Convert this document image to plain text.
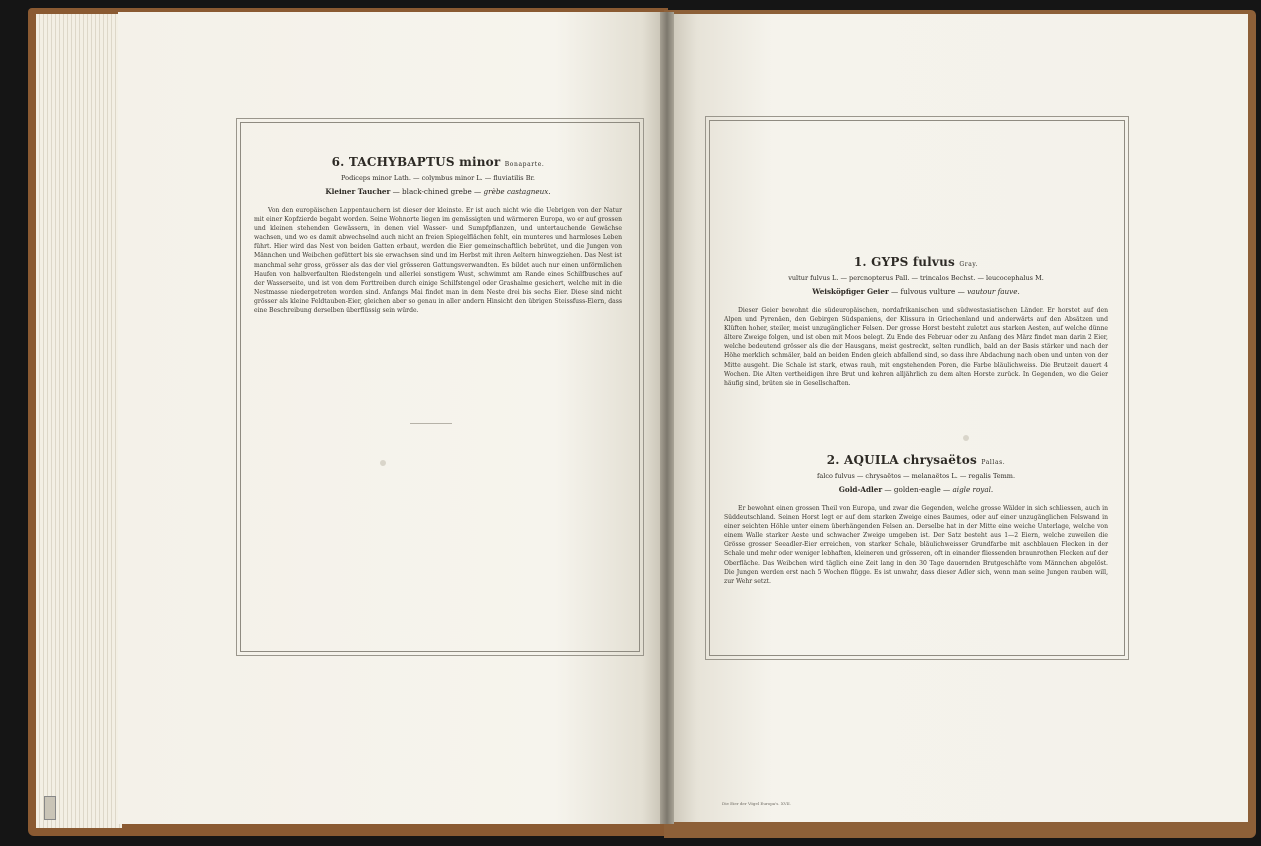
6. TACHYBAPTUS minor Bonaparte.
Podiceps minor Lath. — colymbus minor L. — fluviatilis Br.
Kleiner Taucher — black-chined grebe — grèbe castagneux.
Von den europäischen Lappentauchern ist dieser der kleinste. Er ist auch nicht wie die Uebrigen von der Natur mit einer Kopfzierde begabt worden. Seine Wohnorte liegen im gemässigten und wärmeren Europa, wo er auf grossen und kleinen stehenden Gewässern, in denen viel Wasser- und Sumpfpflanzen, und untertauchende Gewächse wachsen, und wo es damit abwechselnd auch nicht an freien Spiegelflächen fehlt, ein munteres und harmloses Leben führt. Hier wird das Nest von beiden Gatten erbaut, werden die Eier gemeinschaftlich bebrütet, und die Jungen von Männchen und Weibchen gefüttert bis sie erwachsen sind und im Herbst mit ihren Aeltern hinwegziehen. Das Nest ist manchmal sehr gross, grösser als das der viel grösseren Gattungsverwandten. Es bildet auch nur einen unförmlichen Haufen von halbverfaulten Riedstengeln und allerlei sonstigem Wust, schwimmt am Rande eines Schilfbusches auf der Wasserseite, und ist von dem Forttreiben durch einige Schilfstengel oder Grashalme gesichert, welche mit in die Nestmasse niedergetreten worden sind. Anfangs Mai findet man in dem Neste drei bis sechs Eier. Diese sind nicht grösser als kleine Feldtauben-Eier, gleichen aber so genau in aller andern Hinsicht den übrigen Steissfuss-Eiern, dass eine Beschreibung derselben überflüssig sein würde.
1. GYPS fulvus Gray.
vultur fulvus L. — percnopterus Pall. — trincalos Bechst. — leucocephalus M.
Weisköpfiger Geier — fulvous vulture — vautour fauve.
Dieser Geier bewohnt die südeuropäischen, nordafrikanischen und südwestasiatischen Länder. Er horstet auf den Alpen und Pyrenäen, den Gebirgen Südspaniens, der Klissura in Griechenland und anderwärts auf den Absätzen und Klüften hoher, steiler, meist unzugänglicher Felsen. Der grosse Horst besteht zuletzt aus starken Aesten, auf welche dünne ältere Zweige folgen, und ist oben mit Moos belegt. Zu Ende des Februar oder zu Anfang des März findet man darin 2 Eier, welche bedeutend grösser als die der Hausgans, meist gestreckt, selten rundlich, bald an der Basis stärker und nach der Höhe merklich schmäler, bald an beiden Enden gleich abfallend sind, so dass ihre Abdachung nach oben und unten von der Mitte ausgeht. Die Schale ist stark, etwas rauh, mit engstehenden Poren, die Farbe bläulichweiss. Die Brutzeit dauert 4 Wochen. Die Alten vertheidigen ihre Brut und kehren alljährlich zu dem alten Horste zurück. In Gegenden, wo die Geier häufig sind, brüten sie in Gesellschaften.
2. AQUILA chrysaëtos Pallas.
falco fulvus — chrysaëtos — melanaëtos L. — regalis Temm.
Gold-Adler — golden-eagle — aigle royal.
Er bewohnt einen grossen Theil von Europa, und zwar die Gegenden, welche grosse Wälder in sich schliessen, auch in Süddeutschland. Seinen Horst legt er auf dem starken Zweige eines Baumes, oder auf einer unzugänglichen Felswand in einer seichten Höhle unter einem überhängenden Felsen an. Derselbe hat in der Mitte eine weiche Unterlage, welche von einem Walle starker Aeste und schwacher Zweige umgeben ist. Der Satz besteht aus 1—2 Eiern, welche zuweilen die Grösse grosser Seeadler-Eier erreichen, von starker Schale, bläulichweisser Grundfarbe mit aschblauen Flecken in der Schale und mehr oder weniger lebhaften, kleineren und grösseren, oft in einander fliessenden braunrothen Flecken auf der Oberfläche. Das Weibchen wird täglich eine Zeit lang in den 30 Tage dauernden Brutgeschäfte vom Männchen abgelöst. Die Jungen werden erst nach 5 Wochen flügge. Es ist unwahr, dass dieser Adler sich, wenn man seine Jungen rauben will, zur Wehr setzt.
Die Eier der Vögel Europa's. XVII.
